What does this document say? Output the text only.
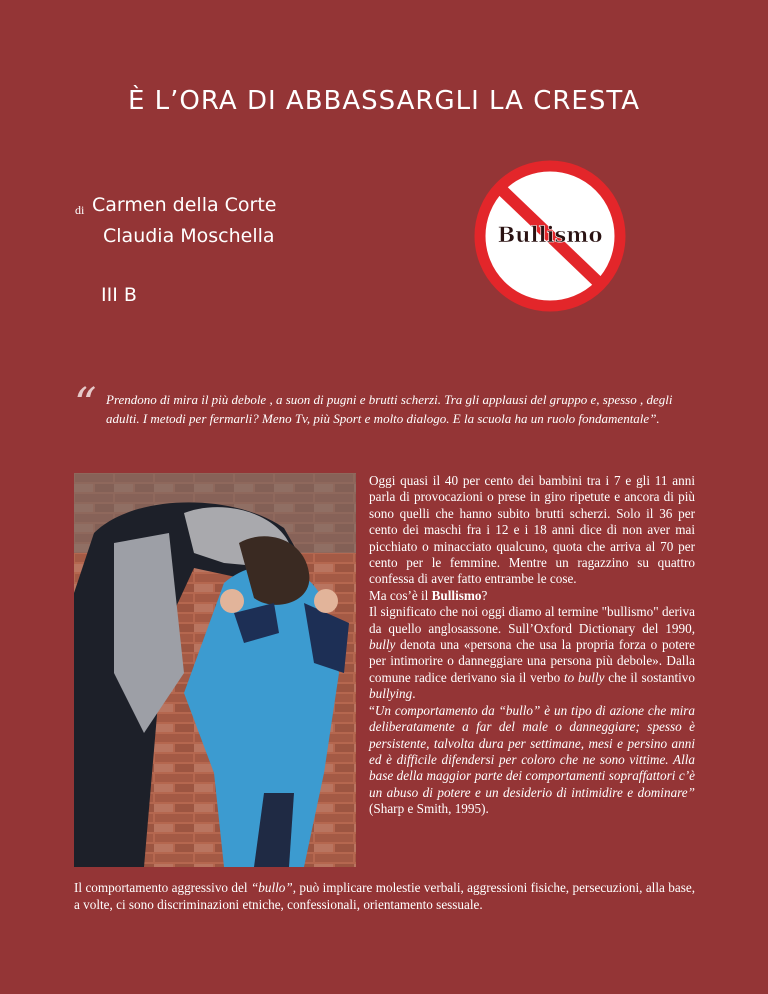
È L’ORA DI ABBASSARGLI LA CRESTA
di Carmen della Corte
Claudia Moschella
III B
Bullismo
“ Prendono di mira il più debole , a suon di pugni e brutti scherzi. Tra gli applausi del gruppo e, spesso , degli adulti. I metodi per fermarli? Meno Tv, più Sport e molto dialogo. E la scuola ha un ruolo fondamentale”.

Oggi quasi il 40 per cento dei bambini tra i 7 e gli 11 anni parla di provocazioni o prese in giro ripetute e ancora di più sono quelli che hanno subito brutti scherzi. Solo il 36 per cento dei maschi fra i 12 e i 18 anni dice di non aver mai picchiato o minacciato qualcuno, quota che arriva al 70 per cento per le femmine. Mentre un ragazzino su quattro confessa di aver fatto entrambe le cose.

Ma cos’è il Bullismo?

Il significato che noi oggi diamo al termine "bullismo" deriva da quello anglosassone. Sull’Oxford Dictionary del 1990, bully denota una «persona che usa la propria forza o potere per intimorire o danneggiare una persona più debole». Dalla comune radice derivano sia il verbo to bully che il sostantivo bullying.

“Un comportamento da “bullo” è un tipo di azione che mira deliberatamente a far del male o danneggiare; spesso è persistente, talvolta dura per settimane, mesi e persino anni ed è difficile difendersi per coloro che ne sono vittime. Alla base della maggior parte dei comportamenti sopraffattori c’è un abuso di potere e un desiderio di intimidire e dominare” (Sharp e Smith, 1995).

Il comportamento aggressivo del “bullo”, può implicare molestie verbali, aggressioni fisiche, persecuzioni, alla base, a volte, ci sono discriminazioni etniche, confessionali, orientamento sessuale.
